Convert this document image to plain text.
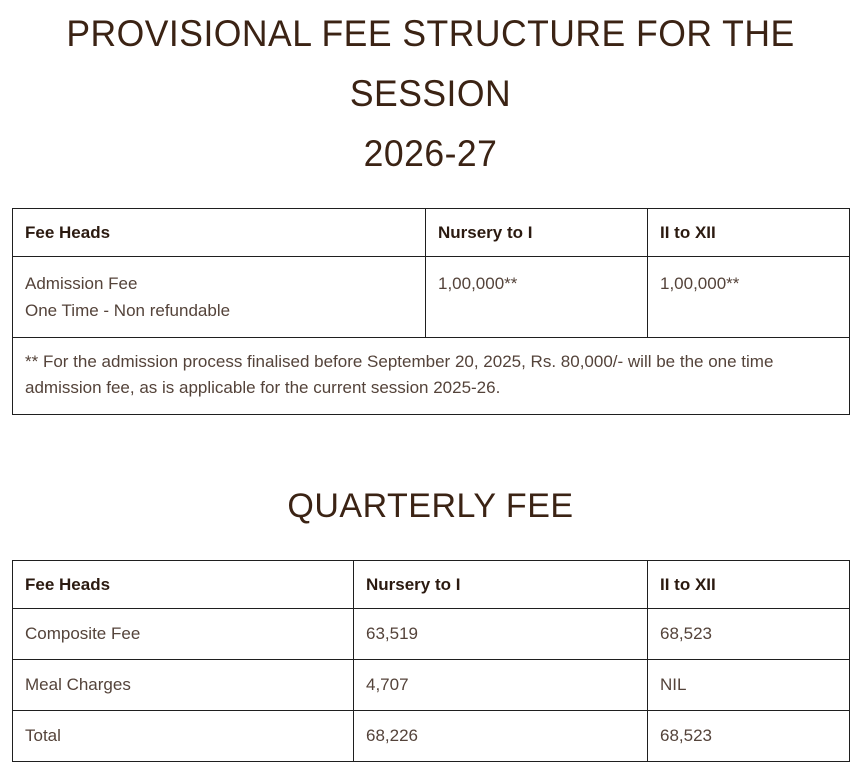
PROVISIONAL FEE STRUCTURE FOR THE SESSION
2026-27
Fee Heads	Nursery to I	II to XII

Admission Fee
One Time - Non refundable	1,00,000**	1,00,000**
** For the admission process finalised before September 20, 2025, Rs. 80,000/- will be the one time admission fee, as is applicable for the current session 2025-26.		
QUARTERLY FEE
Fee Heads	Nursery to I	II to XII
Composite Fee	63,519	68,523
Meal Charges	4,707	NIL
Total	68,226	68,523
